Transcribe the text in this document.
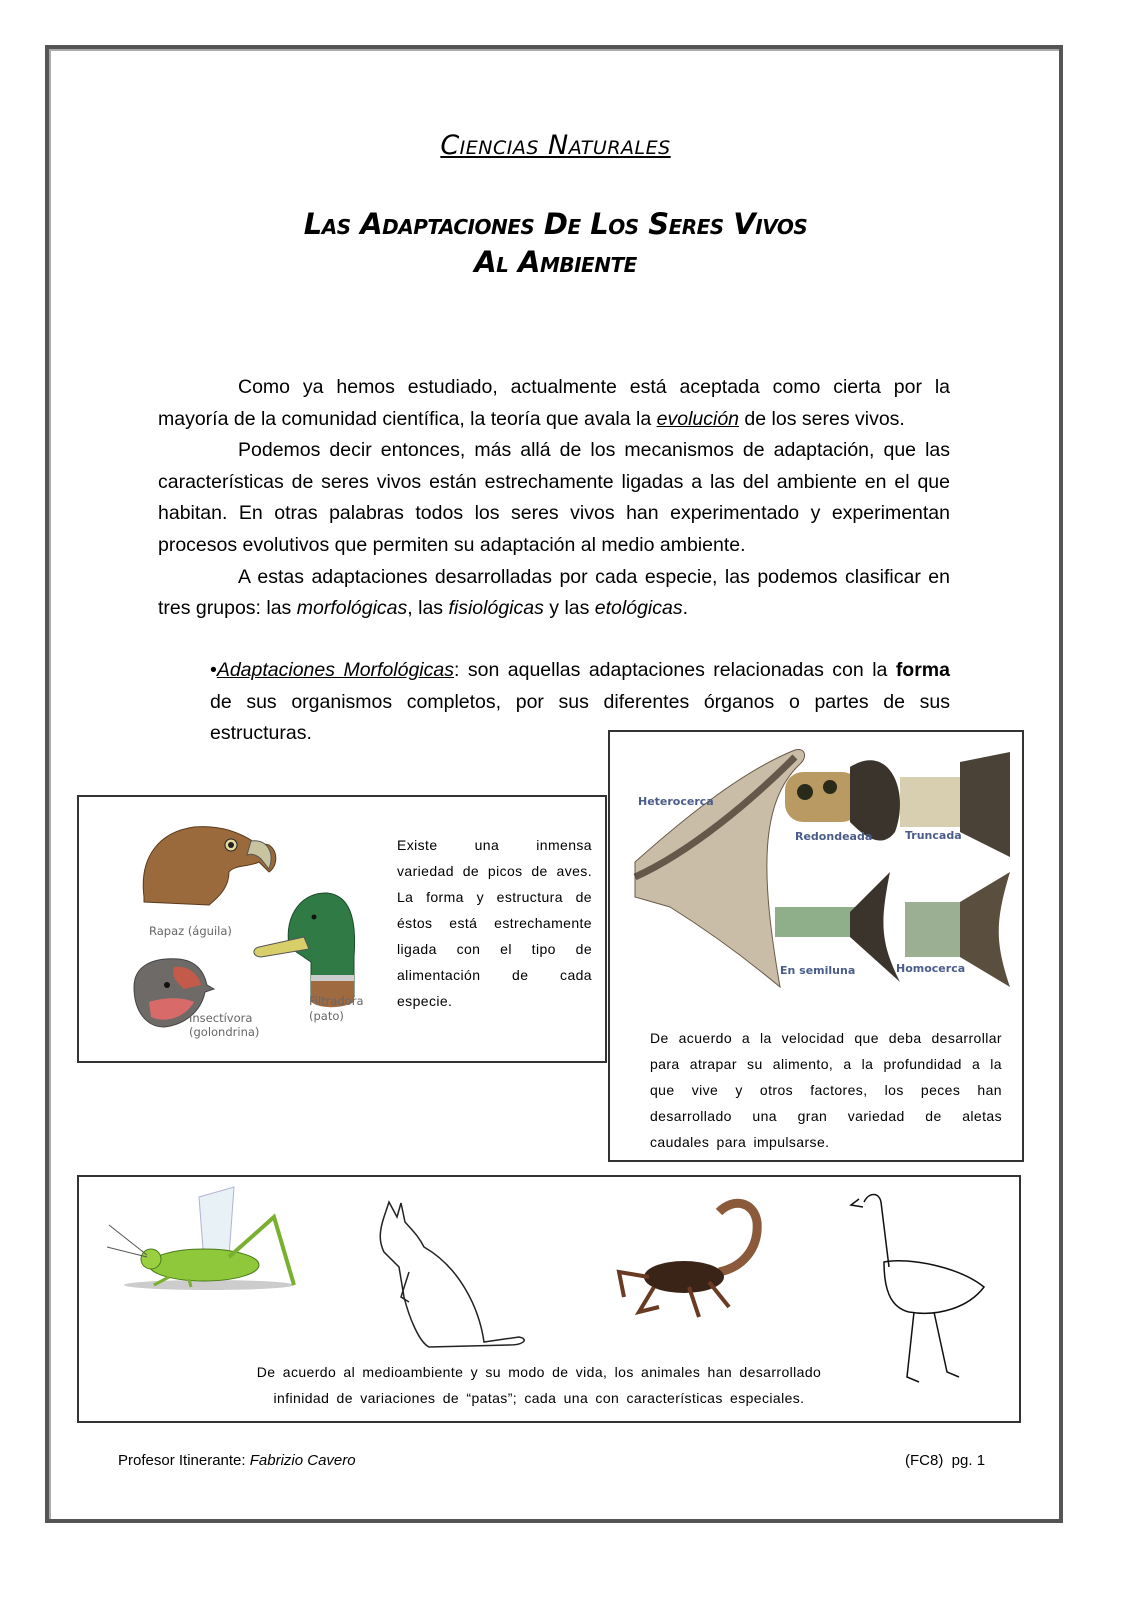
Ciencias Naturales
Las Adaptaciones De Los Seres Vivos
Al Ambiente

Como ya hemos estudiado, actualmente está aceptada como cierta por la mayoría de la comunidad científica, la teoría que avala la evolución de los seres vivos.

Podemos decir entonces, más allá de los mecanismos de adaptación, que las características de seres vivos están estrechamente ligadas a las del ambiente en el que habitan. En otras palabras todos los seres vivos han experimentado y experimentan procesos evolutivos que permiten su adaptación al medio ambiente.

A estas adaptaciones desarrolladas por cada especie, las podemos clasificar en tres grupos: las morfológicas, las fisiológicas y las etológicas.

•Adaptaciones Morfológicas: son aquellas adaptaciones relacionadas con la forma de sus organismos completos, por sus diferentes órganos o partes de sus estructuras.
Rapaz (águila)
Filtradora
(pato)
Insectívora
(golondrina)
Existe una inmensa variedad de picos de aves. La forma y estructura de éstos está estrechamente ligada con el tipo de alimentación de cada especie.
Heterocerca
Redondeada	Truncada
En semiluna	Homocerca
De acuerdo a la velocidad que deba desarrollar para atrapar su alimento, a la profundidad a la que vive y otros factores, los peces han desarrollado una gran variedad de aletas caudales para impulsarse.
De acuerdo al medioambiente y su modo de vida, los animales han desarrollado infinidad de variaciones de “patas”; cada una con características especiales.
Profesor Itinerante: Fabrizio Cavero	(FC8) pg. 1
